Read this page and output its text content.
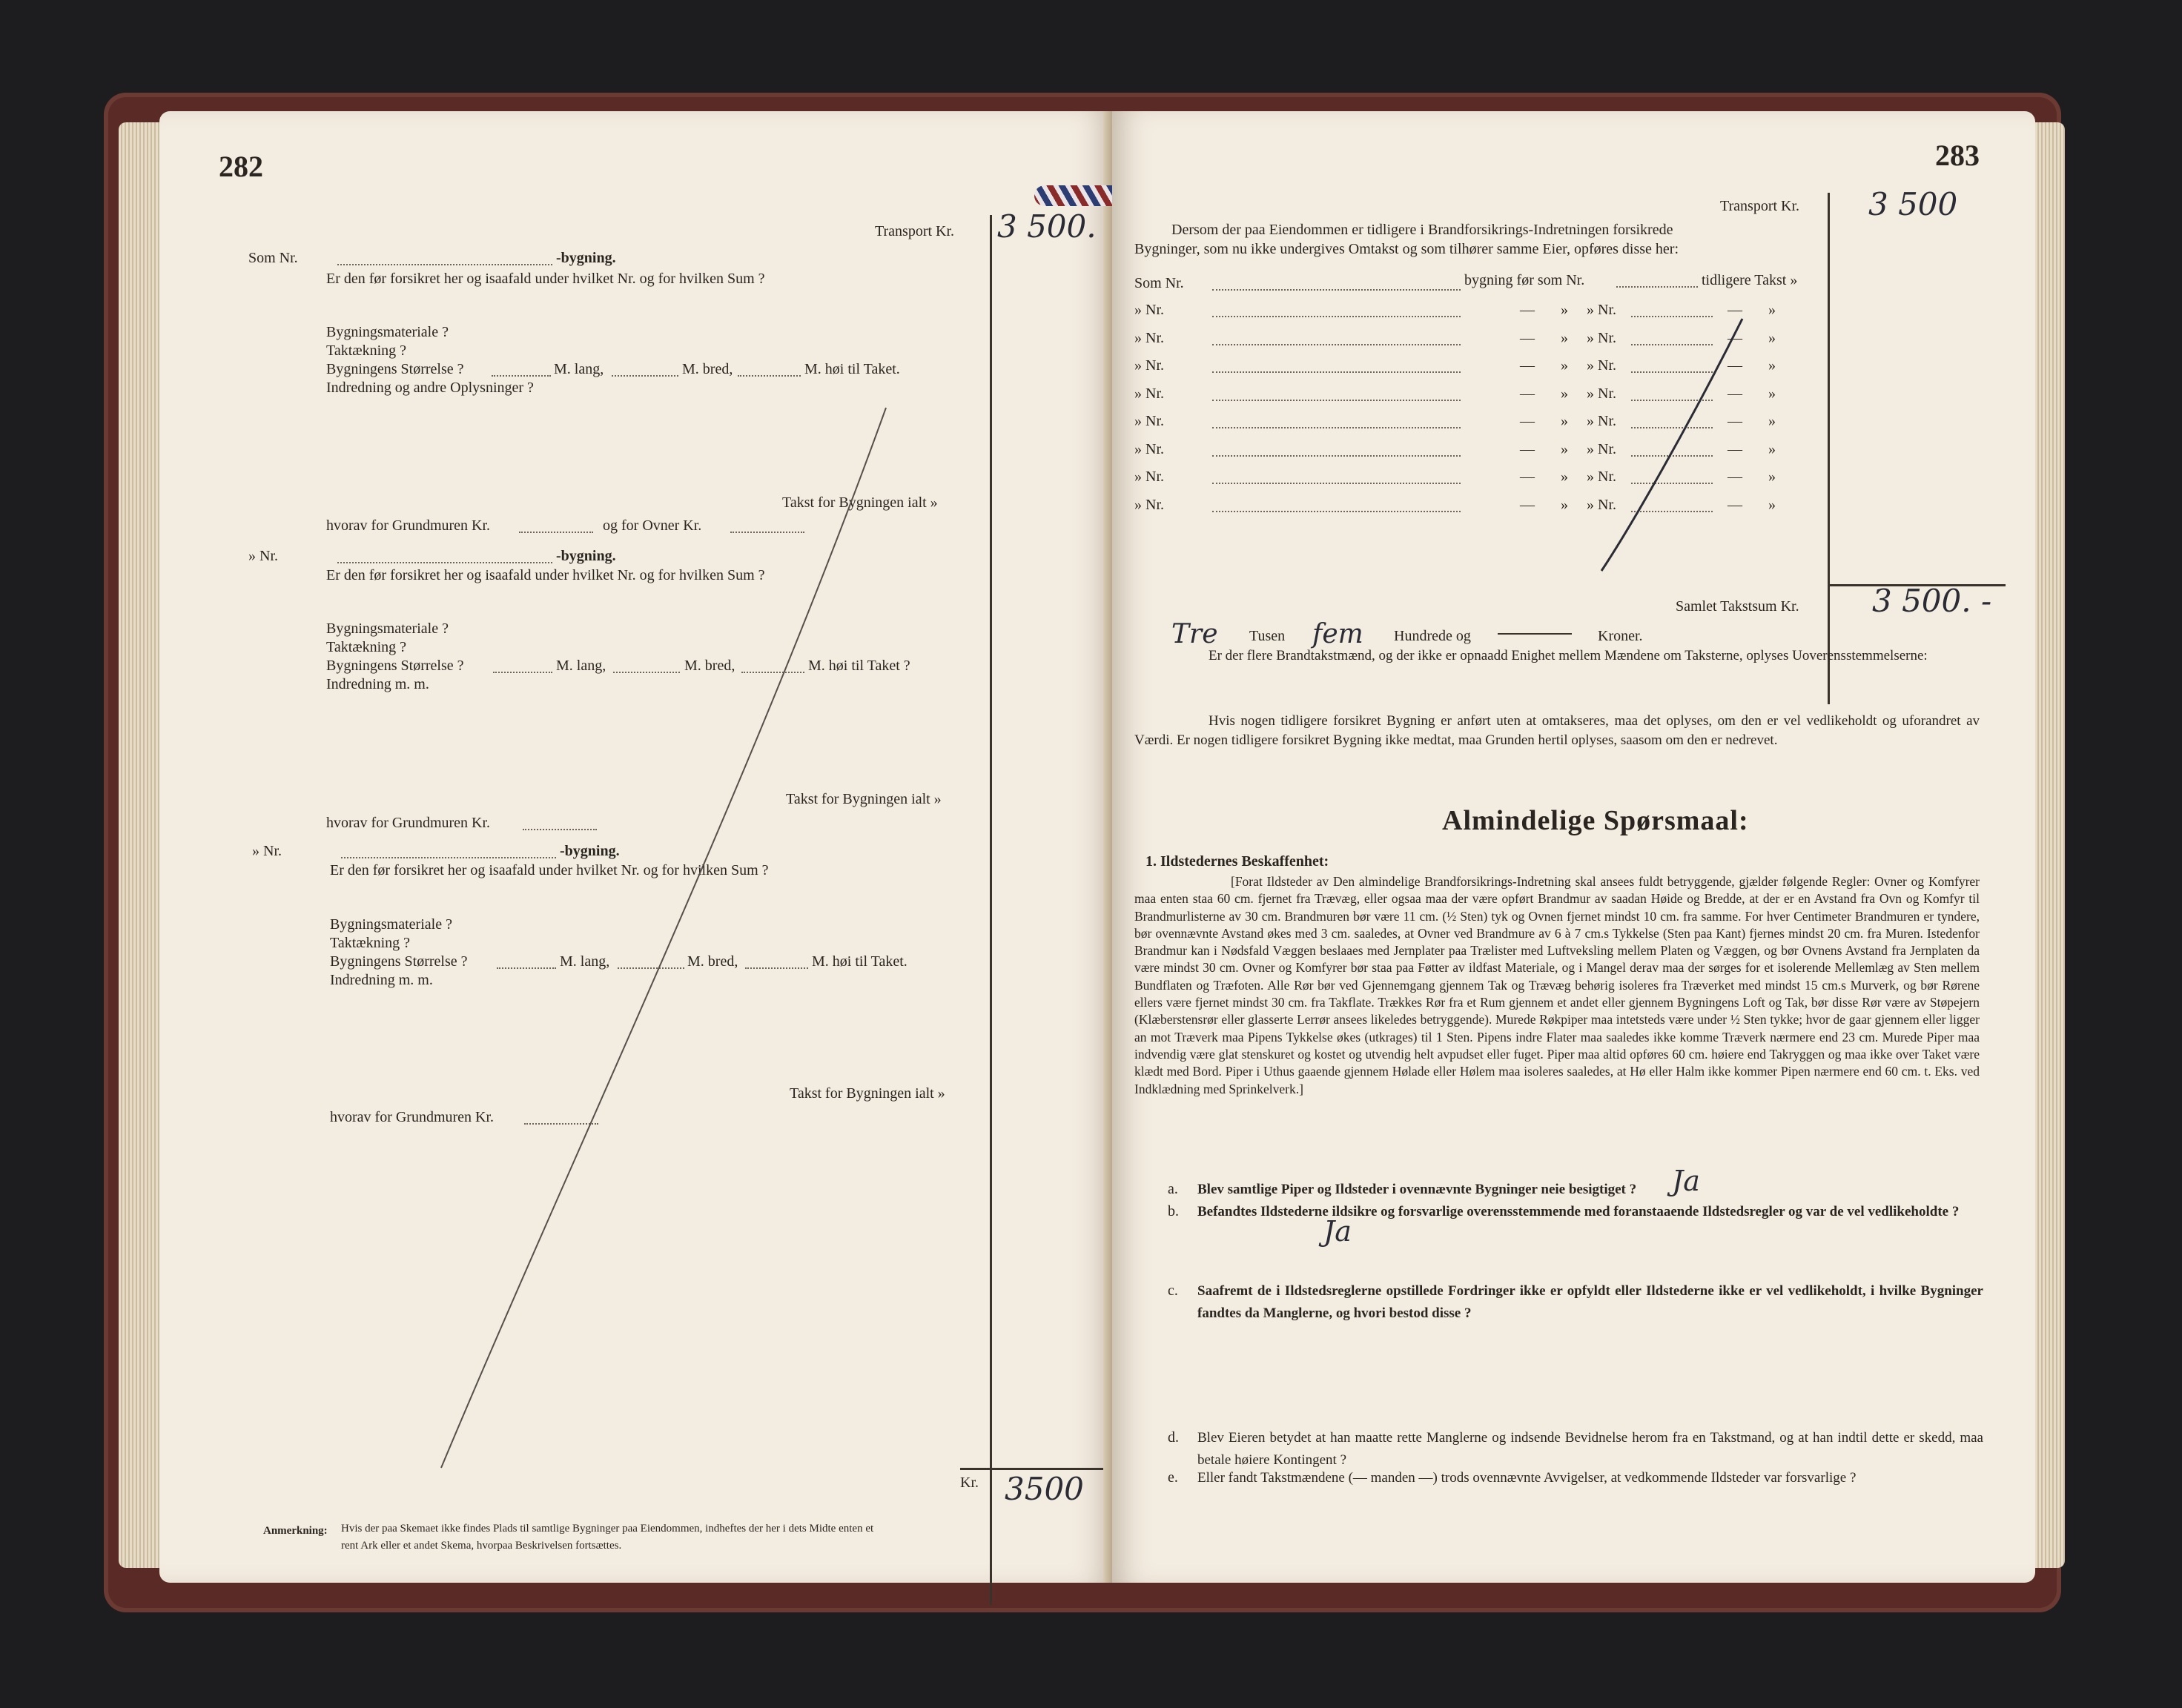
282
Transport Kr. 3 500.
Som Nr.	-bygning.
Er den før forsikret her og isaafald under hvilket Nr. og for hvilken Sum ?
Bygningsmateriale ?
Taktækning ?
Bygningens Størrelse ?	M. lang,	M. bred,	M. høi til Taket.
Indredning og andre Oplysninger ?
Takst for Bygningen ialt »
hvorav for Grundmuren Kr.	og for Ovner Kr.
» Nr.	-bygning.
Er den før forsikret her og isaafald under hvilket Nr. og for hvilken Sum ?
Bygningsmateriale ?
Taktækning ?
Bygningens Størrelse ?	M. lang,	M. bred,	M. høi til Taket ?
Indredning m. m.
Takst for Bygningen ialt »
hvorav for Grundmuren Kr.
» Nr.	-bygning.
Er den før forsikret her og isaafald under hvilket Nr. og for hvilken Sum ?
Bygningsmateriale ?
Taktækning ?
Bygningens Størrelse ?	M. lang,	M. bred,	M. høi til Taket.
Indredning m. m.
Takst for Bygningen ialt »
hvorav for Grundmuren Kr.
Kr. 3500
Anmerkning: Hvis der paa Skemaet ikke findes Plads til samtlige Bygninger paa Eiendommen, indheftes der her i dets Midte enten et
rent Ark eller et andet Skema, hvorpaa Beskrivelsen fortsættes.
283
Transport Kr. 3 500
Dersom der paa Eiendommen er tidligere i Brandforsikrings-Indretningen forsikrede
Bygninger, som nu ikke undergives Omtakst og som tilhører samme Eier, opføres disse her:
Som Nr.	bygning før som Nr.	tidligere Takst »
» Nr.	— » » Nr.	— »
» Nr.	— » » Nr.	— »
» Nr.	— » » Nr.	— »
» Nr.	— » » Nr.	— »
» Nr.	— » » Nr.	— »
» Nr.	— » » Nr.	— »
» Nr.	— » » Nr.	— »
» Nr.	— » » Nr.	— »
Samlet Takstsum Kr. 3 500. -
Tre Tusen fem Hundrede og	Kroner.
Er der flere Brandtakstmænd, og der ikke er opnaadd Enighet mellem Mændene om Taksterne, oplyses Uoverensstemmelserne:
Hvis nogen tidligere forsikret Bygning er anført uten at omtakseres, maa det oplyses, om den er vel vedlikeholdt og uforandret av Værdi. Er nogen tidligere forsikret Bygning ikke medtat, maa Grunden hertil oplyses, saasom om den er nedrevet.
Almindelige Spørsmaal:
1. Ildstedernes Beskaffenhet:
[Forat Ildsteder av Den almindelige Brandforsikrings-Indretning skal ansees fuldt betryggende, gjælder følgende Regler: Ovner og Komfyrer maa enten staa 60 cm. fjernet fra Trævæg, eller ogsaa maa der være opført Brandmur av saadan Høide og Bredde, at der er en Avstand fra Ovn og Komfyr til Brandmurlisterne av 30 cm. Brandmuren bør være 11 cm. (½ Sten) tyk og Ovnen fjernet mindst 10 cm. fra samme. For hver Centimeter Brandmuren er tyndere, bør ovennævnte Avstand økes med 3 cm. saaledes, at Ovner ved Brandmure av 6 à 7 cm.s Tykkelse (Sten paa Kant) fjernes mindst 20 cm. fra Muren. Istedenfor Brandmur kan i Nødsfald Væggen beslaaes med Jernplater paa Trælister med Luftveksling mellem Platen og Væggen, og bør Ovnens Avstand fra Jernplaten da være mindst 30 cm. Ovner og Komfyrer bør staa paa Føtter av ildfast Materiale, og i Mangel derav maa der sørges for et isolerende Mellemlæg av Sten mellem Bundflaten og Træfoten. Alle Rør bør ved Gjennemgang gjennem Tak og Trævæg behørig isoleres fra Træverket med mindst 15 cm.s Murverk, og bør Rørene ellers være fjernet mindst 30 cm. fra Takflate. Trækkes Rør fra et Rum gjennem et andet eller gjennem Bygningens Loft og Tak, bør disse Rør være av Støpejern (Klæberstensrør eller glasserte Lerrør ansees likeledes betryggende). Murede Røkpiper maa intetsteds være under ½ Sten tykke; hvor de gaar gjennem eller ligger an mot Træverk maa Pipens Tykkelse økes (utkrages) til 1 Sten. Pipens indre Flater maa saaledes ikke komme Træverk nærmere end 23 cm. Murede Piper maa indvendig være glat stenskuret og kostet og utvendig helt avpudset eller fuget. Piper maa altid opføres 60 cm. høiere end Takryggen og maa ikke over Taket være klædt med Bord. Piper i Uthus gaaende gjennem Hølade eller Hølem maa isoleres saaledes, at Hø eller Halm ikke kommer Pipen nærmere end 60 cm. t. Eks. ved Indklædning med Sprinkelverk.]
a. Blev samtlige Piper og Ildsteder i ovennævnte Bygninger neie besigtiget ?	Ja
b. Befandtes Ildstederne ildsikre og forsvarlige overensstemmende med foranstaaende Ildstedsregler og var de vel vedlikeholdte ?
Ja
c. Saafremt de i Ildstedsreglerne opstillede Fordringer ikke er opfyldt eller Ildstederne ikke er vel vedlikeholdt, i hvilke Bygninger fandtes da Manglerne, og hvori bestod disse ?
d. Blev Eieren betydet at han maatte rette Manglerne og indsende Bevidnelse herom fra en Takstmand, og at han indtil dette er skedd, maa betale høiere Kontingent ?
e. Eller fandt Takstmændene (— manden —) trods ovennævnte Avvigelser, at vedkommende Ildsteder var forsvarlige ?
